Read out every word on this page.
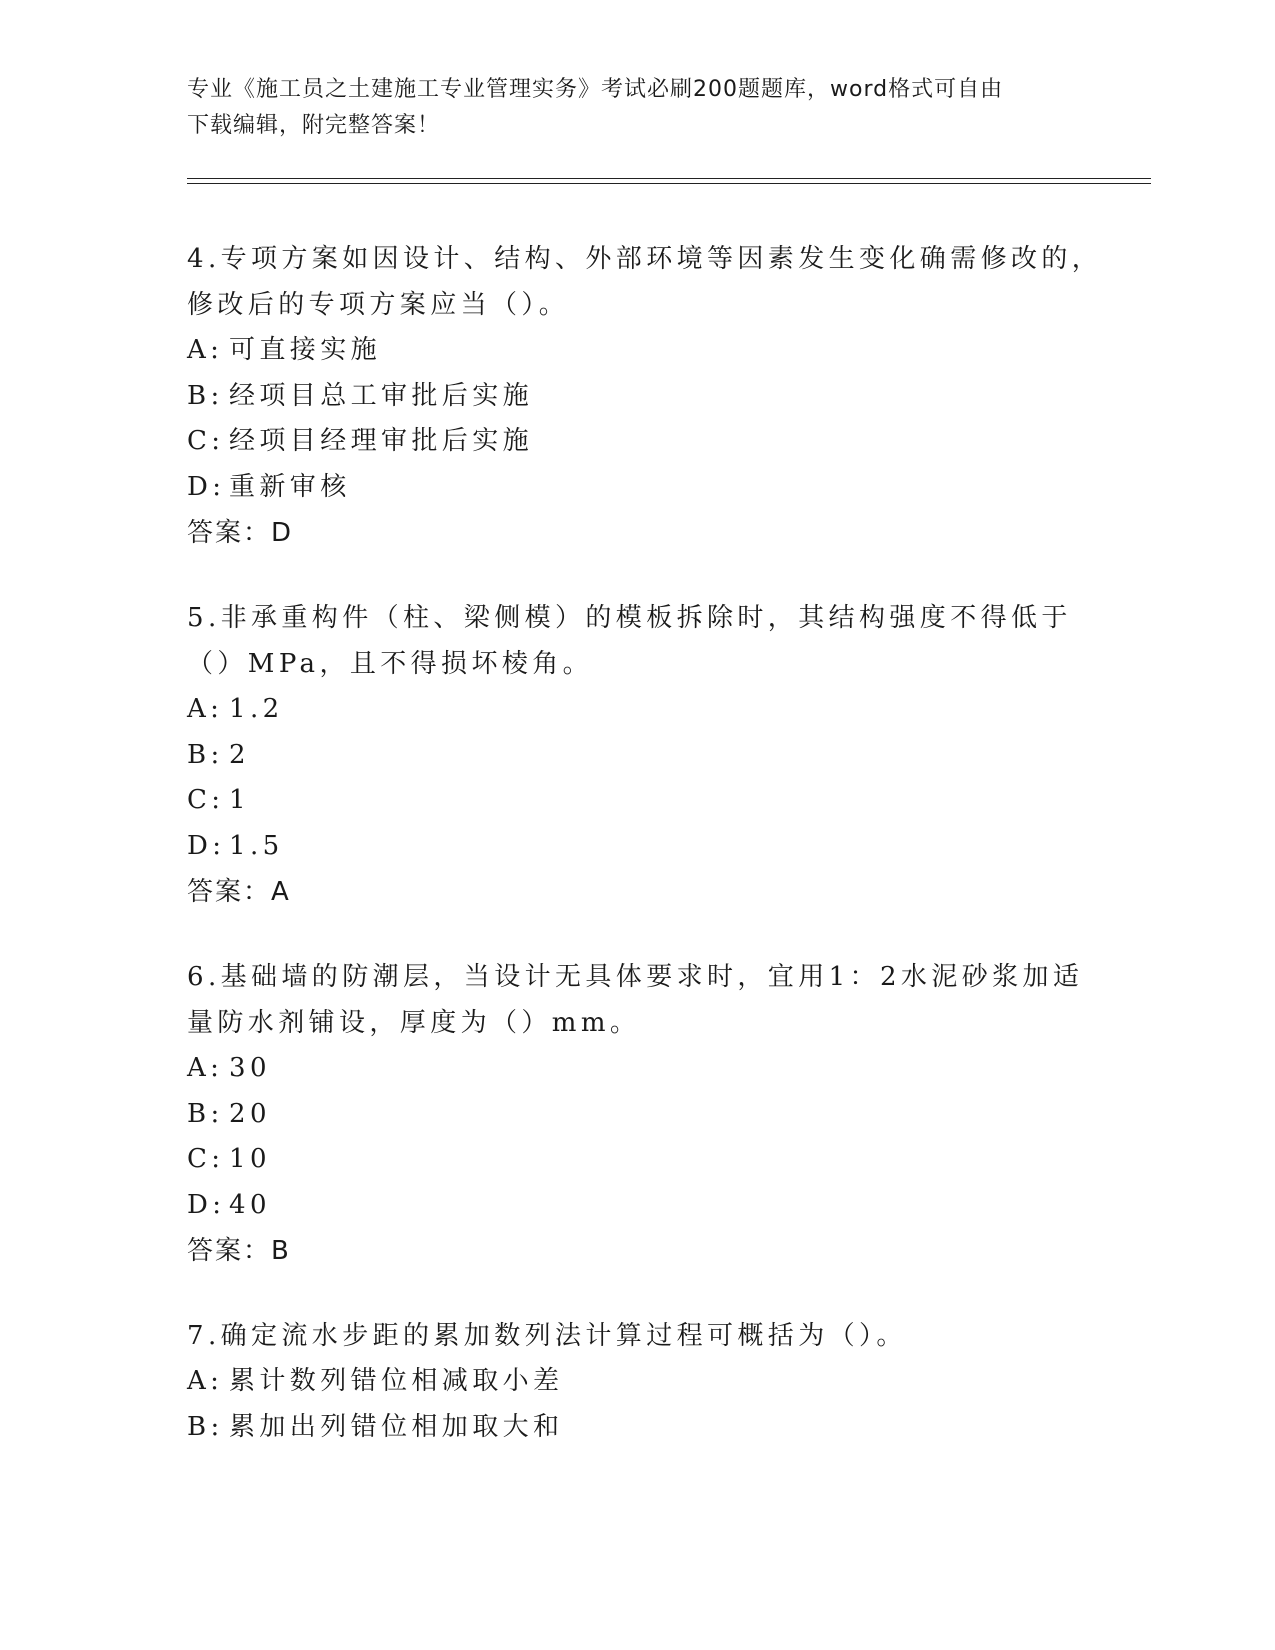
专业《施工员之土建施工专业管理实务》考试必刷200题题库，word格式可自由
下载编辑，附完整答案！

4.专项方案如因设计、结构、外部环境等因素发生变化确需修改的，修改后的专项方案应当（）。

A: 可直接实施

B: 经项目总工审批后实施

C: 经项目经理审批后实施

D: 重新审核

答案：D

5.非承重构件（柱、梁侧模）的模板拆除时，其结构强度不得低于（）MPa，且不得损坏棱角。

A: 1.2

B: 2

C: 1

D: 1.5

答案：A

6.基础墙的防潮层，当设计无具体要求时，宜用1：2水泥砂浆加适量防水剂铺设，厚度为（）mm。

A: 30

B: 20

C: 10

D: 40

答案：B

7.确定流水步距的累加数列法计算过程可概括为（）。

A: 累计数列错位相减取小差

B: 累加出列错位相加取大和
